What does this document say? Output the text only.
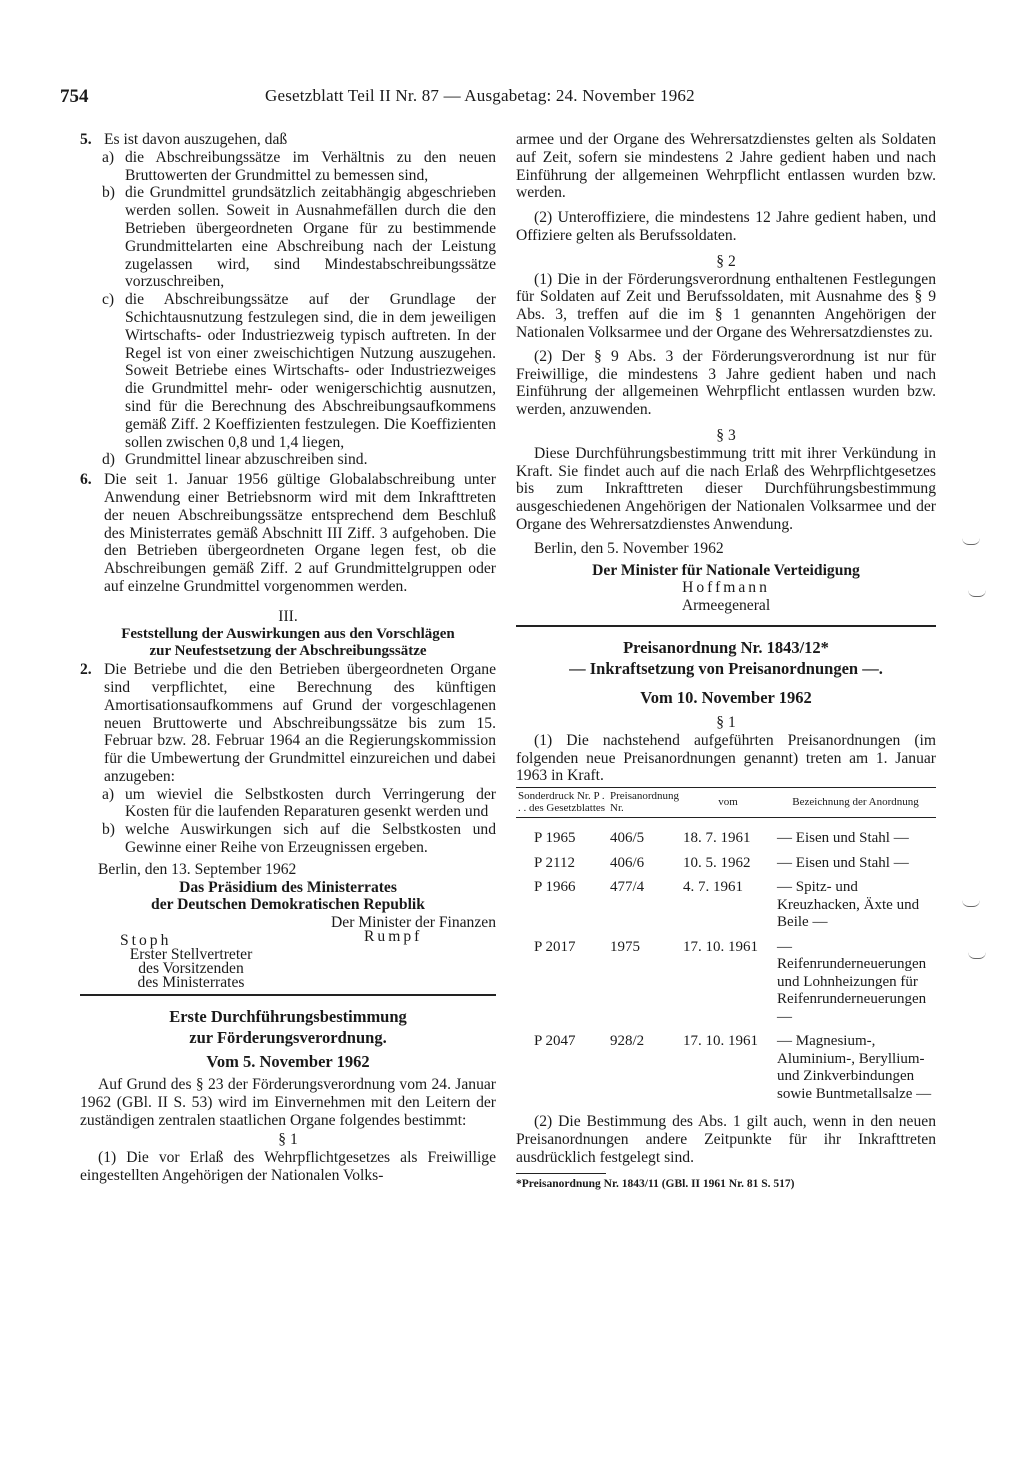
754	Gesetzblatt Teil II Nr. 87 — Ausgabetag: 24. November 1962
5. Es ist davon auszugehen, daß

a) die Abschreibungssätze im Verhältnis zu den neuen Bruttowerten der Grundmittel zu bemessen sind,

b) die Grundmittel grundsätzlich zeitabhängig abgeschrieben werden sollen. Soweit in Ausnahmefällen durch die den Betrieben übergeordneten Organe für zu bestimmende Grundmittelarten eine Abschreibung nach der Leistung zugelassen wird, sind Mindestabschreibungssätze vorzuschreiben,

c) die Abschreibungssätze auf der Grundlage der Schichtausnutzung festzulegen sind, die in dem jeweiligen Wirtschafts- oder Industriezweig typisch auftreten. In der Regel ist von einer zweischichtigen Nutzung auszugehen. Soweit Betriebe eines Wirtschafts- oder Industriezweiges die Grundmittel mehr- oder wenigerschichtig ausnutzen, sind für die Berechnung des Abschreibungsaufkommens gemäß Ziff. 2 Koeffizienten festzulegen. Die Koeffizienten sollen zwischen 0,8 und 1,4 liegen,

d) Grundmittel linear abzuschreiben sind.

6. Die seit 1. Januar 1956 gültige Globalabschreibung unter Anwendung einer Betriebsnorm wird mit dem Inkrafttreten der neuen Abschreibungssätze entsprechend dem Beschluß des Ministerrates gemäß Abschnitt III Ziff. 3 aufgehoben. Die den Betrieben übergeordneten Organe legen fest, ob die Abschreibungen gemäß Ziff. 2 auf Grundmittelgruppen oder auf einzelne Grundmittel vorgenommen werden.

III.

Feststellung der Auswirkungen aus den Vorschlägen

zur Neufestsetzung der Abschreibungssätze

2. Die Betriebe und die den Betrieben übergeordneten Organe sind verpflichtet, eine Berechnung des künftigen Amortisationsaufkommens auf Grund der vorgeschlagenen neuen Bruttowerte und Abschreibungssätze bis zum 15. Februar bzw. 28. Februar 1964 an die Regierungskommission für die Umbewertung der Grundmittel einzureichen und dabei anzugeben:

a) um wieviel die Selbstkosten durch Verringerung der Kosten für die laufenden Reparaturen gesenkt werden und

b) welche Auswirkungen sich auf die Selbstkosten und Gewinne einer Reihe von Erzeugnissen ergeben.

Berlin, den 13. September 1962

Das Präsidium des Ministerrates

der Deutschen Demokratischen Republik

Der Minister der Finanzen

Stoph	Rumpf

Erster Stellvertreter

des Vorsitzenden

des Ministerrates

Erste Durchführungsbestimmung

zur Förderungsverordnung.

Vom 5. November 1962

Auf Grund des § 23 der Förderungsverordnung vom 24. Januar 1962 (GBl. II S. 53) wird im Einvernehmen mit den Leitern der zuständigen zentralen staatlichen Organe folgendes bestimmt:

§ 1

(1) Die vor Erlaß des Wehrpflichtgesetzes als Freiwillige eingestellten Angehörigen der Nationalen Volks-

armee und der Organe des Wehrersatzdienstes gelten als Soldaten auf Zeit, sofern sie mindestens 2 Jahre gedient haben und nach Einführung der allgemeinen Wehrpflicht entlassen wurden bzw. werden.

(2) Unteroffiziere, die mindestens 12 Jahre gedient haben, und Offiziere gelten als Berufssoldaten.

§ 2

(1) Die in der Förderungsverordnung enthaltenen Festlegungen für Soldaten auf Zeit und Berufssoldaten, mit Ausnahme des § 9 Abs. 3, treffen auf die im § 1 genannten Angehörigen der Nationalen Volksarmee und der Organe des Wehrersatzdienstes zu.

(2) Der § 9 Abs. 3 der Förderungsverordnung ist nur für Freiwillige, die mindestens 3 Jahre gedient haben und nach Einführung der allgemeinen Wehrpflicht entlassen wurden bzw. werden, anzuwenden.

§ 3

Diese Durchführungsbestimmung tritt mit ihrer Verkündung in Kraft. Sie findet auch auf die nach Erlaß des Wehrpflichtgesetzes bis zum Inkrafttreten dieser Durchführungsbestimmung ausgeschiedenen Angehörigen der Nationalen Volksarmee und der Organe des Wehrersatzdienstes Anwendung.

Berlin, den 5. November 1962

Der Minister für Nationale Verteidigung

Hoffmann

Armeegeneral

Preisanordnung Nr. 1843/12*

— Inkraftsetzung von Preisanordnungen —.

Vom 10. November 1962

§ 1

(1) Die nachstehend aufgeführten Preisanordnungen (im folgenden neue Preisanordnungen genannt) treten am 1. Januar 1963 in Kraft.

Sonderdruck Nr. P . . . des Gesetzblattes	Preisanordnung Nr.	vom	Bezeichnung der Anordnung
P 1965	406/5	18. 7. 1961	— Eisen und Stahl —
P 2112	406/6	10. 5. 1962	— Eisen und Stahl —
P 1966	477/4	4. 7. 1961	— Spitz- und Kreuzhacken, Äxte und Beile —
P 2017	1975	17. 10. 1961	— Reifenrunderneuerungen und Lohnheizungen für Reifenrunderneuerungen —
P 2047	928/2	17. 10. 1961	— Magnesium-, Aluminium-, Beryllium- und Zinkverbindungen sowie Buntmetallsalze —

(2) Die Bestimmung des Abs. 1 gilt auch, wenn in den neuen Preisanordnungen andere Zeitpunkte für ihr Inkrafttreten ausdrücklich festgelegt sind.

*Preisanordnung Nr. 1843/11 (GBl. II 1961 Nr. 81 S. 517)
